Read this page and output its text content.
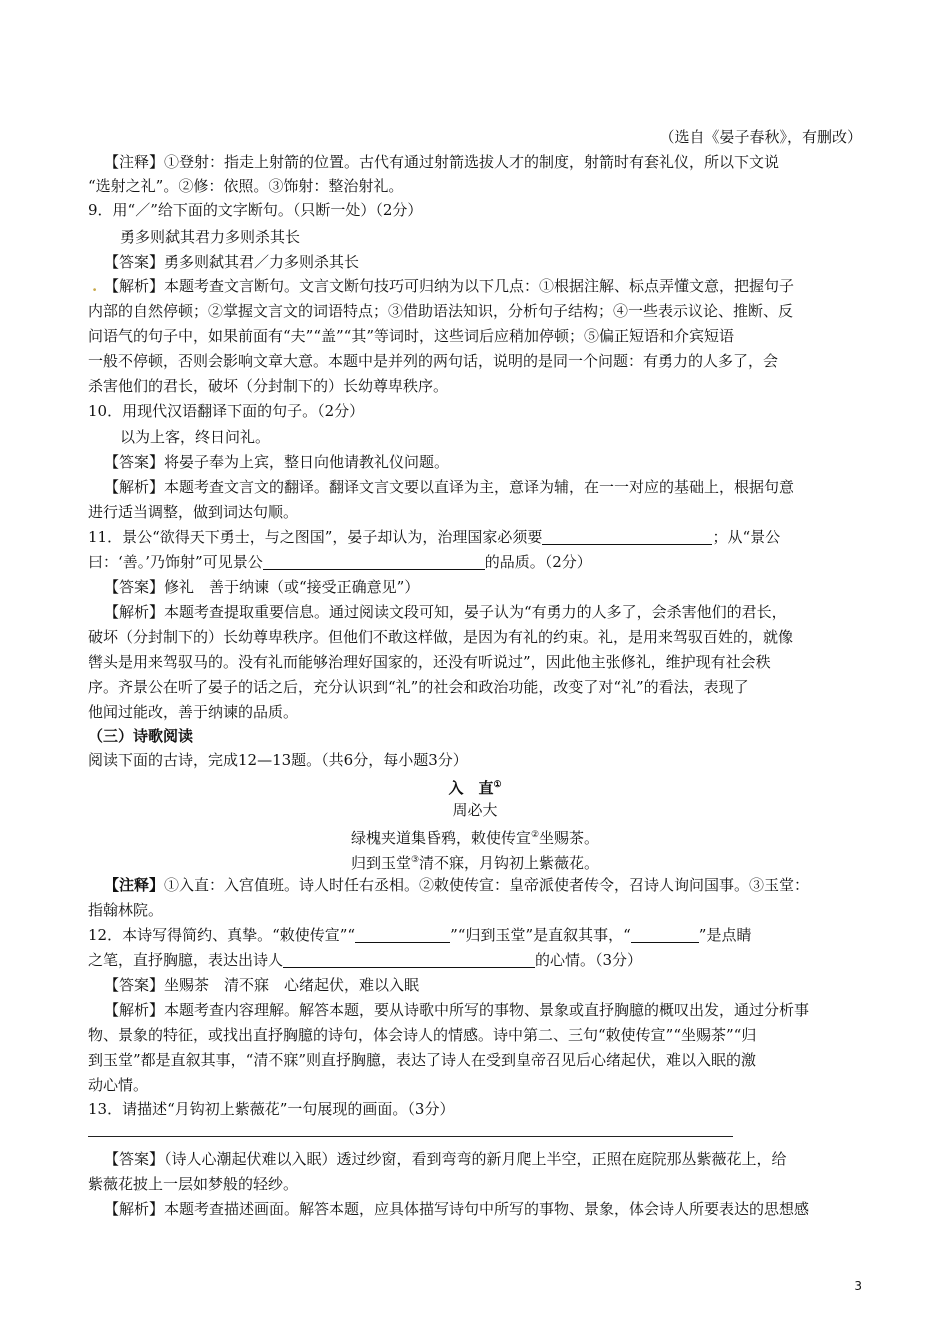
（选自《晏子春秋》，有删改）
【注释】①登射：指走上射箭的位置。古代有通过射箭选拔人才的制度，射箭时有套礼仪，所以下文说
“选射之礼”。②修：依照。③饰射：整治射礼。
9．用“／”给下面的文字断句。（只断一处）（2分）
勇多则弑其君力多则杀其长
【答案】勇多则弑其君／力多则杀其长
. 【解析】本题考查文言断句。文言文断句技巧可归纳为以下几点：①根据注解、标点弄懂文意，把握句子
内部的自然停顿；②掌握文言文的词语特点；③借助语法知识，分析句子结构；④一些表示议论、推断、反
问语气的句子中，如果前面有“夫”“盖”“其”等词时，这些词后应稍加停顿；⑤偏正短语和介宾短语
一般不停顿，否则会影响文章大意。本题中是并列的两句话，说明的是同一个问题：有勇力的人多了，会
杀害他们的君长，破坏（分封制下的）长幼尊卑秩序。
10．用现代汉语翻译下面的句子。（2分）
以为上客，终日问礼。
【答案】将晏子奉为上宾，整日向他请教礼仪问题。
【解析】本题考查文言文的翻译。翻译文言文要以直译为主，意译为辅，在一一对应的基础上，根据句意
进行适当调整，做到词达句顺。
11．景公“欲得天下勇士，与之图国”，晏子却认为，治理国家必须要	；从“景公
曰：‘善。’乃饰射”可见景公	的品质。（2分）
【答案】修礼　善于纳谏（或“接受正确意见”）
【解析】本题考查提取重要信息。通过阅读文段可知，晏子认为“有勇力的人多了，会杀害他们的君长，
破坏（分封制下的）长幼尊卑秩序。但他们不敢这样做，是因为有礼的约束。礼，是用来驾驭百姓的，就像
辔头是用来驾驭马的。没有礼而能够治理好国家的，还没有听说过”，因此他主张修礼，维护现有社会秩
序。齐景公在听了晏子的话之后，充分认识到“礼”的社会和政治功能，改变了对“礼”的看法，表现了
他闻过能改，善于纳谏的品质。
（三）诗歌阅读
阅读下面的古诗，完成12—13题。（共6分，每小题3分）
入　直①
周必大
绿槐夹道集昏鸦，敕使传宣②坐赐茶。
归到玉堂③清不寐，月钩初上紫薇花。
【注释】①入直：入宫值班。诗人时任右丞相。②敕使传宣：皇帝派使者传令，召诗人询问国事。③玉堂：
指翰林院。
12．本诗写得简约、真挚。“敕使传宣”“	”“归到玉堂”是直叙其事，“	”是点睛
之笔，直抒胸臆，表达出诗人	的心情。（3分）
【答案】坐赐茶　清不寐　心绪起伏，难以入眠
【解析】本题考查内容理解。解答本题，要从诗歌中所写的事物、景象或直抒胸臆的概叹出发，通过分析事
物、景象的特征，或找出直抒胸臆的诗句，体会诗人的情感。诗中第二、三句“敕使传宣”“坐赐茶”“归
到玉堂”都是直叙其事，“清不寐”则直抒胸臆，表达了诗人在受到皇帝召见后心绪起伏，难以入眠的激
动心情。
13．请描述“月钩初上紫薇花”一句展现的画面。（3分）
【答案】（诗人心潮起伏难以入眠）透过纱窗，看到弯弯的新月爬上半空，正照在庭院那丛紫薇花上，给
紫薇花披上一层如梦般的轻纱。
【解析】本题考查描述画面。解答本题，应具体描写诗句中所写的事物、景象，体会诗人所要表达的思想感
3
